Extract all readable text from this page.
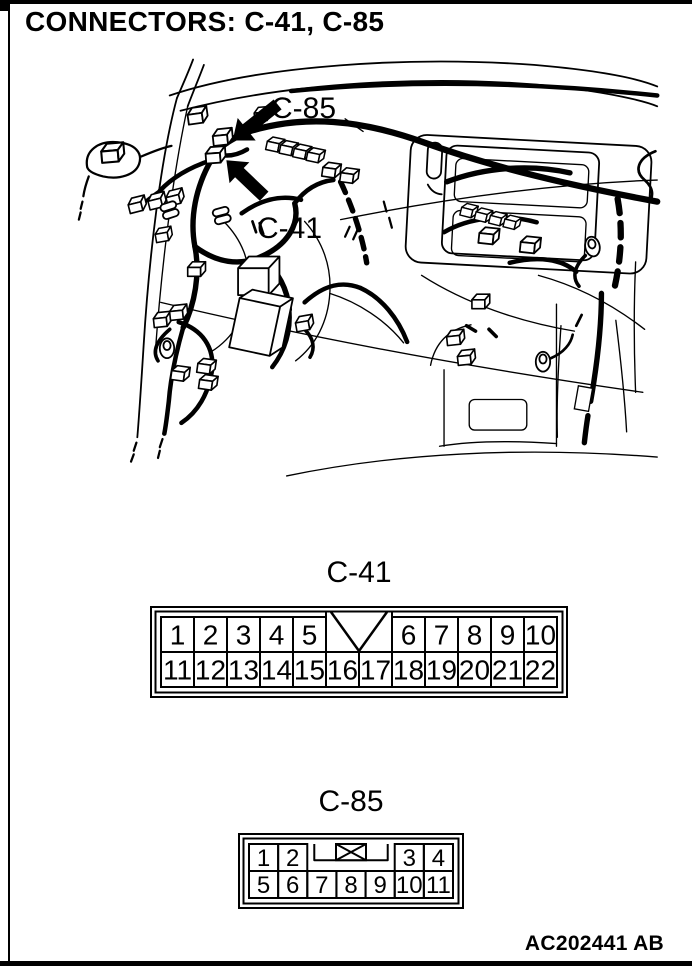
CONNECTORS: C-41, C-85
C-85
C-41
C-41
11 12 13 14 15 16 17 18 19 20 21 22
1 2 3 4 5	6 7 8 9 10
C-85
5 6 7 8 9 10 11
1 2	3 4
AC202441 AB
